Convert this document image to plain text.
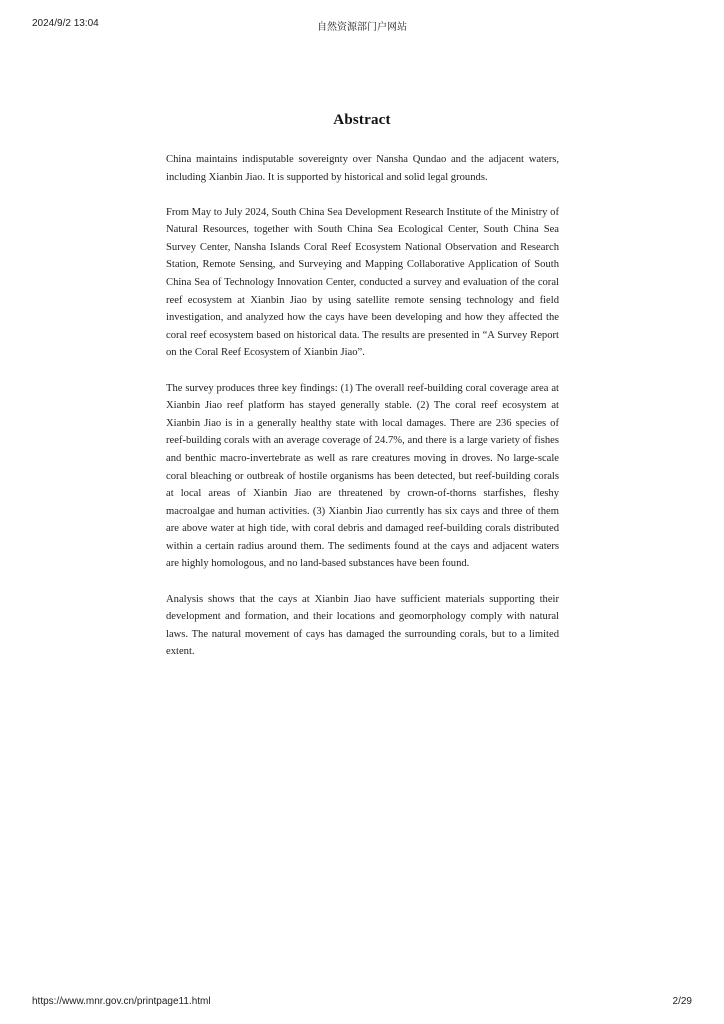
2024/9/2 13:04	自然资源部门户网站
Abstract

China maintains indisputable sovereignty over Nansha Qundao and the adjacent waters, including Xianbin Jiao. It is supported by historical and solid legal grounds.

From May to July 2024, South China Sea Development Research Institute of the Ministry of Natural Resources, together with South China Sea Ecological Center, South China Sea Survey Center, Nansha Islands Coral Reef Ecosystem National Observation and Research Station, Remote Sensing, and Surveying and Mapping Collaborative Application of South China Sea of Technology Innovation Center, conducted a survey and evaluation of the coral reef ecosystem at Xianbin Jiao by using satellite remote sensing technology and field investigation, and analyzed how the cays have been developing and how they affected the coral reef ecosystem based on historical data. The results are presented in “A Survey Report on the Coral Reef Ecosystem of Xianbin Jiao”.

The survey produces three key findings: (1) The overall reef-building coral coverage area at Xianbin Jiao reef platform has stayed generally stable. (2) The coral reef ecosystem at Xianbin Jiao is in a generally healthy state with local damages. There are 236 species of reef-building corals with an average coverage of 24.7%, and there is a large variety of fishes and benthic macro-invertebrate as well as rare creatures moving in droves. No large-scale coral bleaching or outbreak of hostile organisms has been detected, but reef-building corals at local areas of Xianbin Jiao are threatened by crown-of-thorns starfishes, fleshy macroalgae and human activities. (3) Xianbin Jiao currently has six cays and three of them are above water at high tide, with coral debris and damaged reef-building corals distributed within a certain radius around them. The sediments found at the cays and adjacent waters are highly homologous, and no land-based substances have been found.

Analysis shows that the cays at Xianbin Jiao have sufficient materials supporting their development and formation, and their locations and geomorphology comply with natural laws. The natural movement of cays has damaged the surrounding corals, but to a limited extent.

https://www.mnr.gov.cn/printpage11.html	2/29
